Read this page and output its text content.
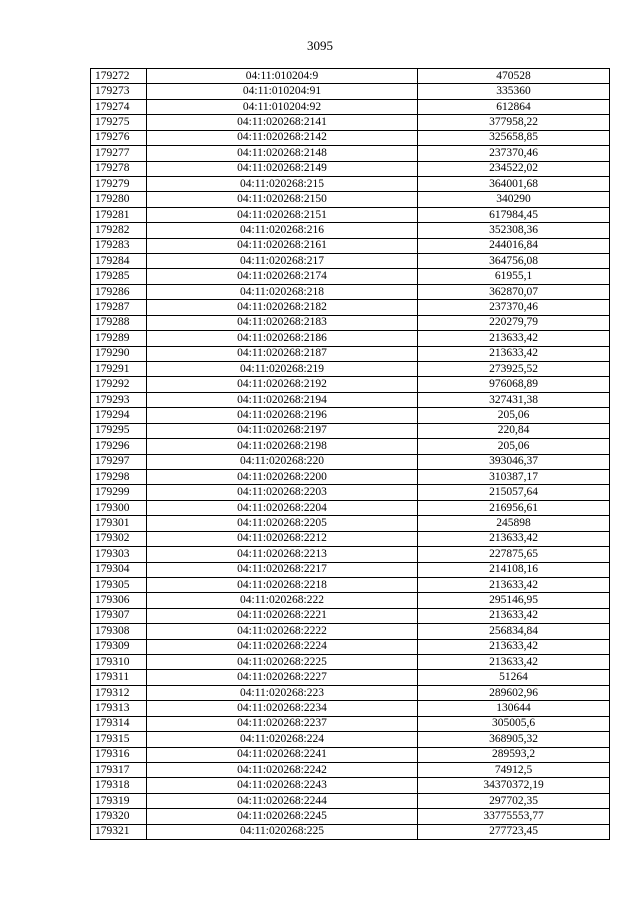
3095
179272	04:11:010204:9	470528
179273	04:11:010204:91	335360
179274	04:11:010204:92	612864
179275	04:11:020268:2141	377958,22
179276	04:11:020268:2142	325658,85
179277	04:11:020268:2148	237370,46
179278	04:11:020268:2149	234522,02
179279	04:11:020268:215	364001,68
179280	04:11:020268:2150	340290
179281	04:11:020268:2151	617984,45
179282	04:11:020268:216	352308,36
179283	04:11:020268:2161	244016,84
179284	04:11:020268:217	364756,08
179285	04:11:020268:2174	61955,1
179286	04:11:020268:218	362870,07
179287	04:11:020268:2182	237370,46
179288	04:11:020268:2183	220279,79
179289	04:11:020268:2186	213633,42
179290	04:11:020268:2187	213633,42
179291	04:11:020268:219	273925,52
179292	04:11:020268:2192	976068,89
179293	04:11:020268:2194	327431,38
179294	04:11:020268:2196	205,06
179295	04:11:020268:2197	220,84
179296	04:11:020268:2198	205,06
179297	04:11:020268:220	393046,37
179298	04:11:020268:2200	310387,17
179299	04:11:020268:2203	215057,64
179300	04:11:020268:2204	216956,61
179301	04:11:020268:2205	245898
179302	04:11:020268:2212	213633,42
179303	04:11:020268:2213	227875,65
179304	04:11:020268:2217	214108,16
179305	04:11:020268:2218	213633,42
179306	04:11:020268:222	295146,95
179307	04:11:020268:2221	213633,42
179308	04:11:020268:2222	256834,84
179309	04:11:020268:2224	213633,42
179310	04:11:020268:2225	213633,42
179311	04:11:020268:2227	51264
179312	04:11:020268:223	289602,96
179313	04:11:020268:2234	130644
179314	04:11:020268:2237	305005,6
179315	04:11:020268:224	368905,32
179316	04:11:020268:2241	289593,2
179317	04:11:020268:2242	74912,5
179318	04:11:020268:2243	34370372,19
179319	04:11:020268:2244	297702,35
179320	04:11:020268:2245	33775553,77
179321	04:11:020268:225	277723,45
